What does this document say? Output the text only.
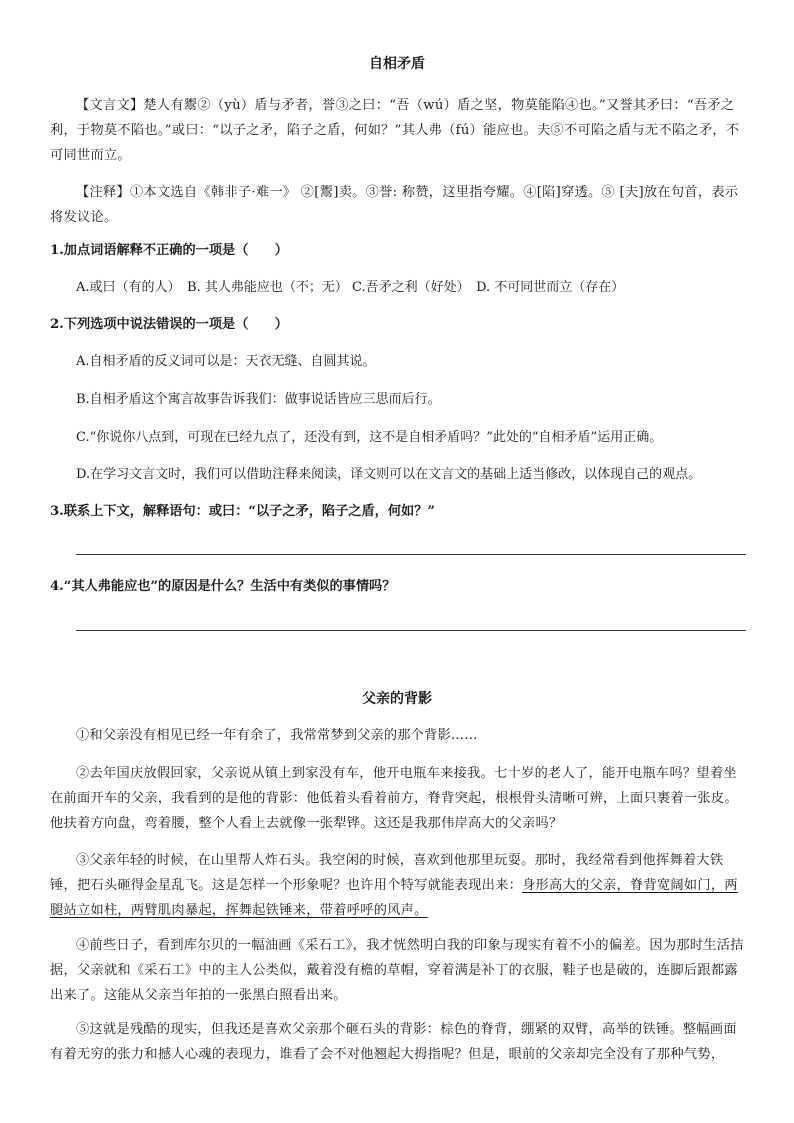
自相矛盾

【文言文】楚人有鬻②（yù）盾与矛者，誉③之曰：“吾（wú）盾之坚，物莫能陷④也。”又誉其矛曰：“吾矛之利，于物莫不陷也。”或曰：“以子之矛，陷子之盾，何如？”其人弗（fú）能应也。夫⑤不可陷之盾与无不陷之矛，不可同世而立。

【注释】①本文选自《韩非子·难一》 ②[鬻]卖。③誉: 称赞，这里指夸耀。④[陷]穿透。⑤ [夫]放在句首，表示将发议论。

1.加点词语解释不正确的一项是（　　）

A.或曰（有的人）　B. 其人弗能应也（不；无） C.吾矛之利（好处）　D. 不可同世而立（存在）

2.下列选项中说法错误的一项是（　　）

A.自相矛盾的反义词可以是：天衣无缝、自圆其说。

B.自相矛盾这个寓言故事告诉我们：做事说话皆应三思而后行。

C.“你说你八点到，可现在已经九点了，还没有到，这不是自相矛盾吗？”此处的“自相矛盾”运用正确。

D.在学习文言文时，我们可以借助注释来阅读，译文则可以在文言文的基础上适当修改，以体现自己的观点。

3.联系上下文，解释语句：或曰：“以子之矛，陷子之盾，何如？”

4.“其人弗能应也”的原因是什么？生活中有类似的事情吗？

父亲的背影

①和父亲没有相见已经一年有余了，我常常梦到父亲的那个背影……

②去年国庆放假回家，父亲说从镇上到家没有车，他开电瓶车来接我。七十岁的老人了，能开电瓶车吗？望着坐在前面开车的父亲，我看到的是他的背影：他低着头看着前方，脊背突起，根根骨头清晰可辨，上面只裹着一张皮。他扶着方向盘，弯着腰，整个人看上去就像一张犁铧。这还是我那伟岸高大的父亲吗？

③父亲年轻的时候，在山里帮人炸石头。我空闲的时候，喜欢到他那里玩耍。那时，我经常看到他挥舞着大铁锤，把石头砸得金星乱飞。这是怎样一个形象呢？也许用个特写就能表现出来：身形高大的父亲，脊背宽阔如门，两腿站立如柱，两臂肌肉暴起，挥舞起铁锤来，带着呼呼的风声。

④前些日子，看到库尔贝的一幅油画《采石工》，我才恍然明白我的印象与现实有着不小的偏差。因为那时生活拮据，父亲就和《采石工》中的主人公类似，戴着没有檐的草帽，穿着满是补丁的衣服，鞋子也是破的，连脚后跟都露出来了。这能从父亲当年拍的一张黑白照看出来。

⑤这就是残酷的现实，但我还是喜欢父亲那个砸石头的背影：棕色的脊背，绷紧的双臂，高举的铁锤。整幅画面有着无穷的张力和撼人心魂的表现力，谁看了会不对他翘起大拇指呢？但是，眼前的父亲却完全没有了那种气势，
